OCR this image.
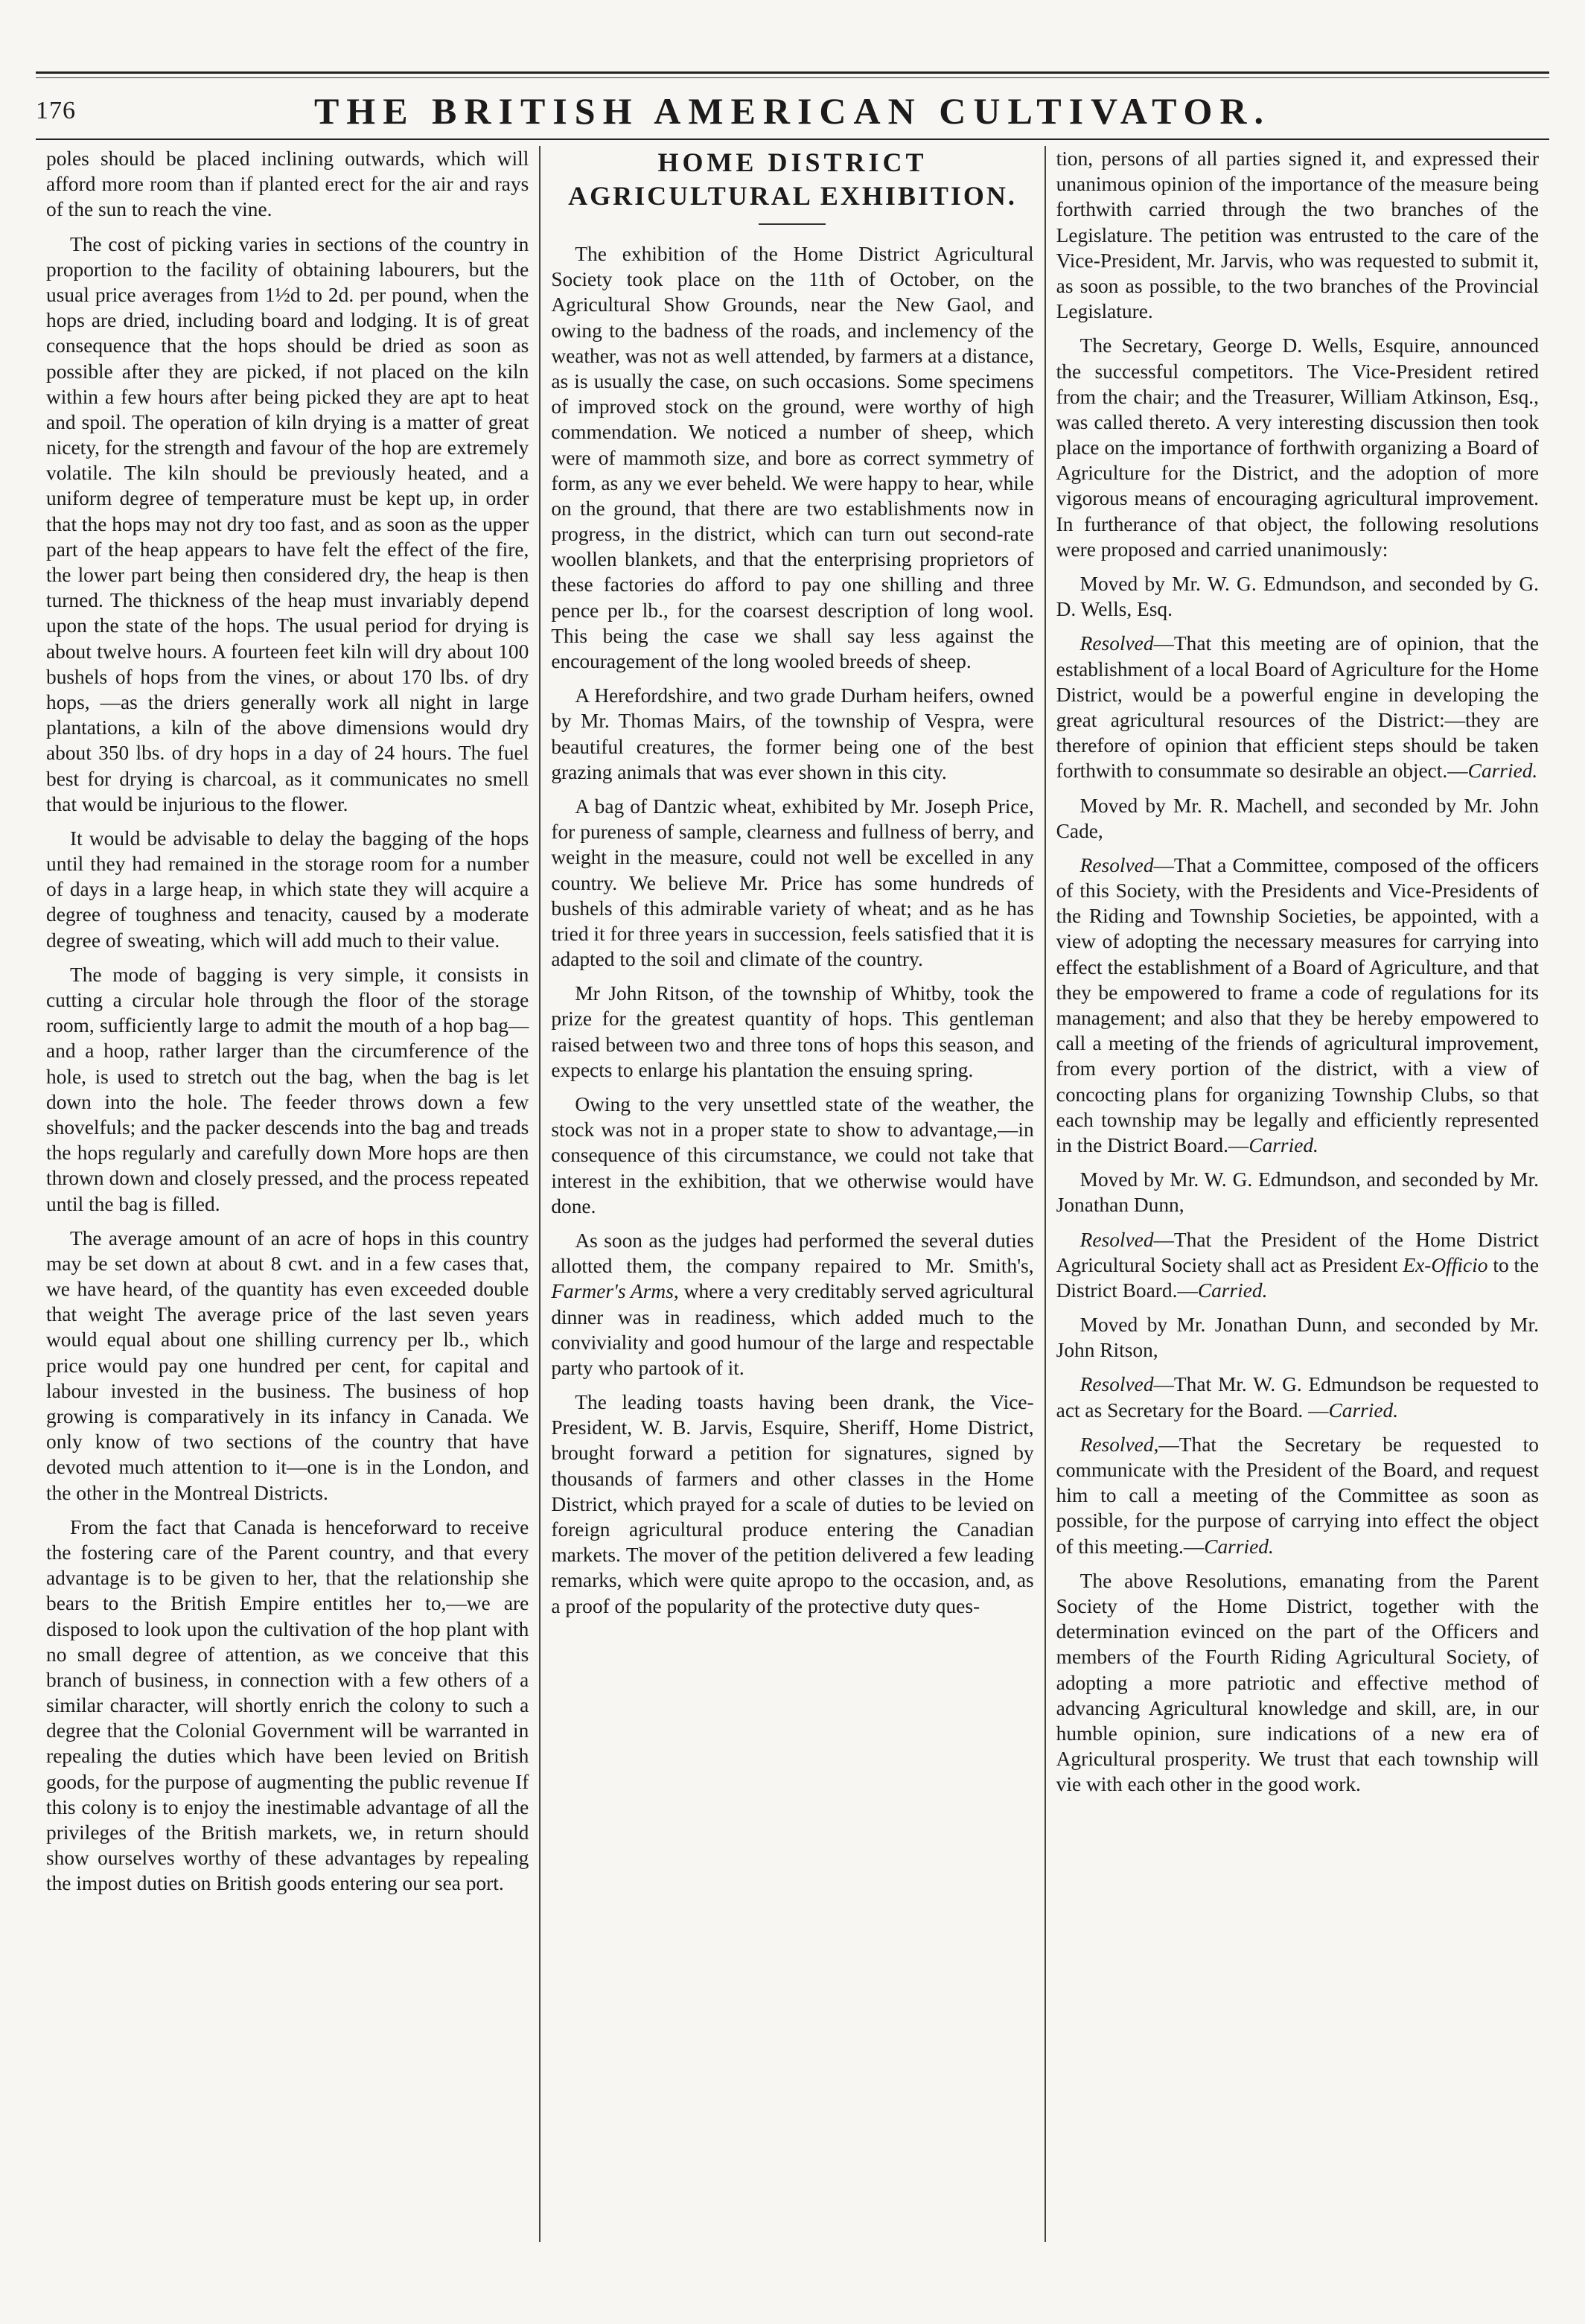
176	THE BRITISH AMERICAN CULTIVATOR.

poles should be placed inclining outwards, which will afford more room than if planted erect for the air and rays of the sun to reach the vine.

The cost of picking varies in sections of the country in proportion to the facility of obtaining labourers, but the usual price averages from 1½d to 2d. per pound, when the hops are dried, including board and lodging. It is of great consequence that the hops should be dried as soon as possible after they are picked, if not placed on the kiln within a few hours after being picked they are apt to heat and spoil. The operation of kiln drying is a matter of great nicety, for the strength and favour of the hop are extremely volatile. The kiln should be previously heated, and a uniform degree of temperature must be kept up, in order that the hops may not dry too fast, and as soon as the upper part of the heap appears to have felt the effect of the fire, the lower part being then considered dry, the heap is then turned. The thickness of the heap must invariably depend upon the state of the hops. The usual period for drying is about twelve hours. A fourteen feet kiln will dry about 100 bushels of hops from the vines, or about 170 lbs. of dry hops, —as the driers generally work all night in large plantations, a kiln of the above dimensions would dry about 350 lbs. of dry hops in a day of 24 hours. The fuel best for drying is charcoal, as it communicates no smell that would be injurious to the flower.

It would be advisable to delay the bagging of the hops until they had remained in the storage room for a number of days in a large heap, in which state they will acquire a degree of toughness and tenacity, caused by a moderate degree of sweating, which will add much to their value.

The mode of bagging is very simple, it consists in cutting a circular hole through the floor of the storage room, sufficiently large to admit the mouth of a hop bag—and a hoop, rather larger than the circumference of the hole, is used to stretch out the bag, when the bag is let down into the hole. The feeder throws down a few shovelfuls; and the packer descends into the bag and treads the hops regularly and carefully down More hops are then thrown down and closely pressed, and the process repeated until the bag is filled.

The average amount of an acre of hops in this country may be set down at about 8 cwt. and in a few cases that, we have heard, of the quantity has even exceeded double that weight The average price of the last seven years would equal about one shilling currency per lb., which price would pay one hundred per cent, for capital and labour invested in the business. The business of hop growing is comparatively in its infancy in Canada. We only know of two sections of the country that have devoted much attention to it—one is in the London, and the other in the Montreal Districts.

From the fact that Canada is henceforward to receive the fostering care of the Parent country, and that every advantage is to be given to her, that the relationship she bears to the British Empire entitles her to,—we are disposed to look upon the cultivation of the hop plant with no small degree of attention, as we conceive that this branch of business, in connection with a few others of a similar character, will shortly enrich the colony to such a degree that the Colonial Government will be warranted in repealing the duties which have been levied on British goods, for the purpose of augmenting the public revenue If this colony is to enjoy the inestimable advantage of all the privileges of the British markets, we, in return should show ourselves worthy of these advantages by repealing the impost duties on British goods entering our sea port.

HOME DISTRICT
AGRICULTURAL EXHIBITION.

The exhibition of the Home District Agricultural Society took place on the 11th of October, on the Agricultural Show Grounds, near the New Gaol, and owing to the badness of the roads, and inclemency of the weather, was not as well attended, by farmers at a distance, as is usually the case, on such occasions. Some specimens of improved stock on the ground, were worthy of high commendation. We noticed a number of sheep, which were of mammoth size, and bore as correct symmetry of form, as any we ever beheld. We were happy to hear, while on the ground, that there are two establishments now in progress, in the district, which can turn out second-rate woollen blankets, and that the enterprising proprietors of these factories do afford to pay one shilling and three pence per lb., for the coarsest description of long wool. This being the case we shall say less against the encouragement of the long wooled breeds of sheep.

A Herefordshire, and two grade Durham heifers, owned by Mr. Thomas Mairs, of the township of Vespra, were beautiful creatures, the former being one of the best grazing animals that was ever shown in this city.

A bag of Dantzic wheat, exhibited by Mr. Joseph Price, for pureness of sample, clearness and fullness of berry, and weight in the measure, could not well be excelled in any country. We believe Mr. Price has some hundreds of bushels of this admirable variety of wheat; and as he has tried it for three years in succession, feels satisfied that it is adapted to the soil and climate of the country.

Mr John Ritson, of the township of Whitby, took the prize for the greatest quantity of hops. This gentleman raised between two and three tons of hops this season, and expects to enlarge his plantation the ensuing spring.

Owing to the very unsettled state of the weather, the stock was not in a proper state to show to advantage,—in consequence of this circumstance, we could not take that interest in the exhibition, that we otherwise would have done.

As soon as the judges had performed the several duties allotted them, the company repaired to Mr. Smith's, Farmer's Arms, where a very creditably served agricultural dinner was in readiness, which added much to the conviviality and good humour of the large and respectable party who partook of it.

The leading toasts having been drank, the Vice-President, W. B. Jarvis, Esquire, Sheriff, Home District, brought forward a petition for signatures, signed by thousands of farmers and other classes in the Home District, which prayed for a scale of duties to be levied on foreign agricultural produce entering the Canadian markets. The mover of the petition delivered a few leading remarks, which were quite apropo to the occasion, and, as a proof of the popularity of the protective duty ques-

tion, persons of all parties signed it, and expressed their unanimous opinion of the importance of the measure being forthwith carried through the two branches of the Legislature. The petition was entrusted to the care of the Vice-President, Mr. Jarvis, who was requested to submit it, as soon as possible, to the two branches of the Provincial Legislature.

The Secretary, George D. Wells, Esquire, announced the successful competitors. The Vice-President retired from the chair; and the Treasurer, William Atkinson, Esq., was called thereto. A very interesting discussion then took place on the importance of forthwith organizing a Board of Agriculture for the District, and the adoption of more vigorous means of encouraging agricultural improvement. In furtherance of that object, the following resolutions were proposed and carried unanimously:

Moved by Mr. W. G. Edmundson, and seconded by G. D. Wells, Esq.

Resolved—That this meeting are of opinion, that the establishment of a local Board of Agriculture for the Home District, would be a powerful engine in developing the great agricultural resources of the District:—they are therefore of opinion that efficient steps should be taken forthwith to consummate so desirable an object.—Carried.

Moved by Mr. R. Machell, and seconded by Mr. John Cade,

Resolved—That a Committee, composed of the officers of this Society, with the Presidents and Vice-Presidents of the Riding and Township Societies, be appointed, with a view of adopting the necessary measures for carrying into effect the establishment of a Board of Agriculture, and that they be empowered to frame a code of regulations for its management; and also that they be hereby empowered to call a meeting of the friends of agricultural improvement, from every portion of the district, with a view of concocting plans for organizing Township Clubs, so that each township may be legally and efficiently represented in the District Board.—Carried.

Moved by Mr. W. G. Edmundson, and seconded by Mr. Jonathan Dunn,

Resolved—That the President of the Home District Agricultural Society shall act as President Ex-Officio to the District Board.—Carried.

Moved by Mr. Jonathan Dunn, and seconded by Mr. John Ritson,

Resolved—That Mr. W. G. Edmundson be requested to act as Secretary for the Board. —Carried.

Resolved,—That the Secretary be requested to communicate with the President of the Board, and request him to call a meeting of the Committee as soon as possible, for the purpose of carrying into effect the object of this meeting.—Carried.

The above Resolutions, emanating from the Parent Society of the Home District, together with the determination evinced on the part of the Officers and members of the Fourth Riding Agricultural Society, of adopting a more patriotic and effective method of advancing Agricultural knowledge and skill, are, in our humble opinion, sure indications of a new era of Agricultural prosperity. We trust that each township will vie with each other in the good work.
